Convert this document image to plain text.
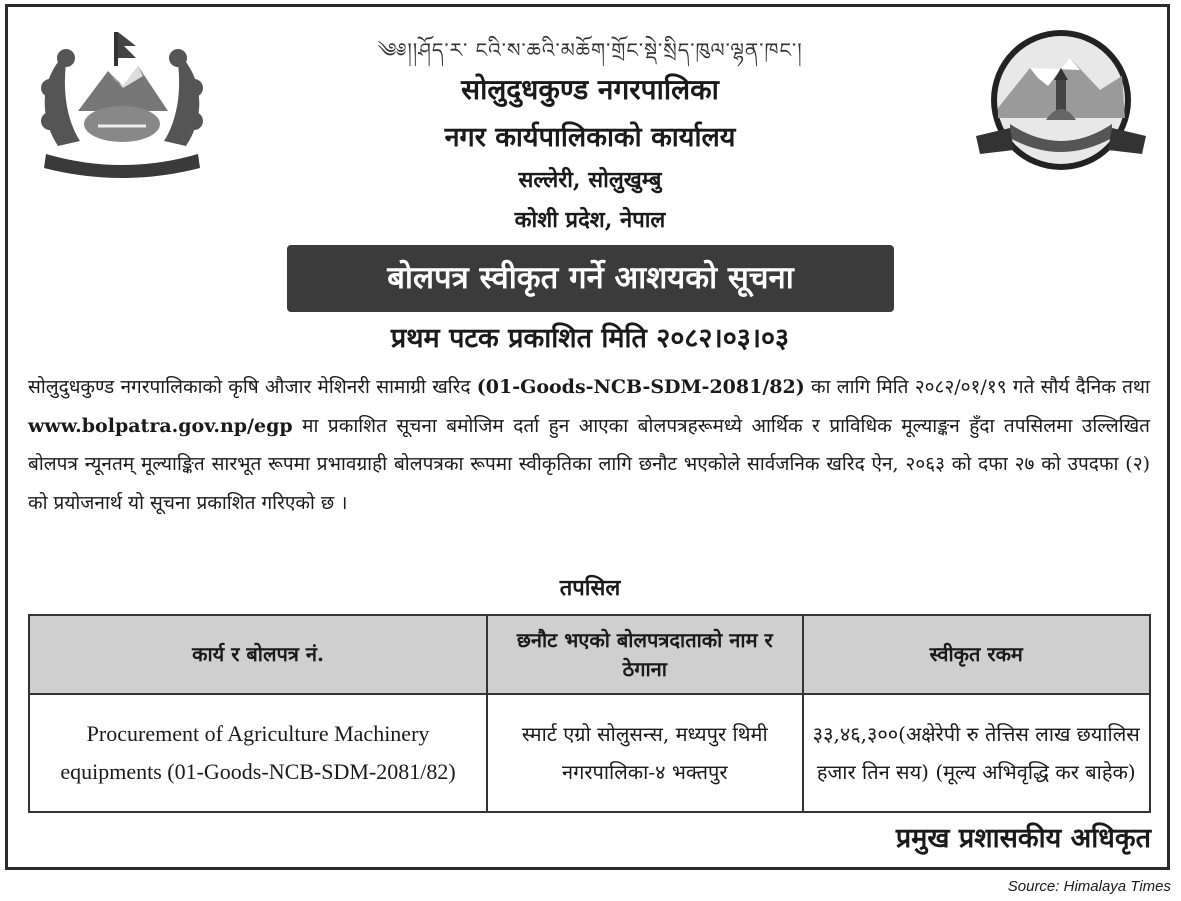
༄༅།།ཤོད་ར་ ངའི་ས་ཆའི་མཆོག་གྲོང་སྡེ་སྲིད་ཁུལ་ལྷན་ཁང་།
सोलुदुधकुण्ड नगरपालिका
नगर कार्यपालिकाको कार्यालय
सल्लेरी, सोलुखुम्बु
कोशी प्रदेश, नेपाल
बोलपत्र स्वीकृत गर्ने आशयको सूचना
प्रथम पटक प्रकाशित मिति २०८२।०३।०३

सोलुदुधकुण्ड नगरपालिकाको कृषि औजार मेशिनरी सामाग्री खरिद (01-Goods-NCB-SDM-2081/82) का लागि मिति २०८२/०१/१९ गते सौर्य दैनिक तथा www.bolpatra.gov.np/egp मा प्रकाशित सूचना बमोजिम दर्ता हुन आएका बोलपत्रहरूमध्ये आर्थिक र प्राविधिक मूल्याङ्कन हुँदा तपसिलमा उल्लिखित बोलपत्र न्यूनतम् मूल्याङ्कित सारभूत रूपमा प्रभावग्राही बोलपत्रका रूपमा स्वीकृतिका लागि छनौट भएकोले सार्वजनिक खरिद ऐन, २०६३ को दफा २७ को उपदफा (२) को प्रयोजनार्थ यो सूचना प्रकाशित गरिएको छ ।

तपसिल
कार्य र बोलपत्र नं.	छनौट भएको बोलपत्रदाताको नाम र ठेगाना	स्वीकृत रकम
Procurement of Agriculture Machinery equipments (01-Goods-NCB-SDM-2081/82)	स्मार्ट एग्रो सोलुसन्स, मध्यपुर थिमी नगरपालिका-४ भक्तपुर	३३,४६,३००(अक्षेरेपी रु तेत्तिस लाख छयालिस हजार तिन सय) (मूल्य अभिवृद्धि कर बाहेक)
प्रमुख प्रशासकीय अधिकृत
Source: Himalaya Times
